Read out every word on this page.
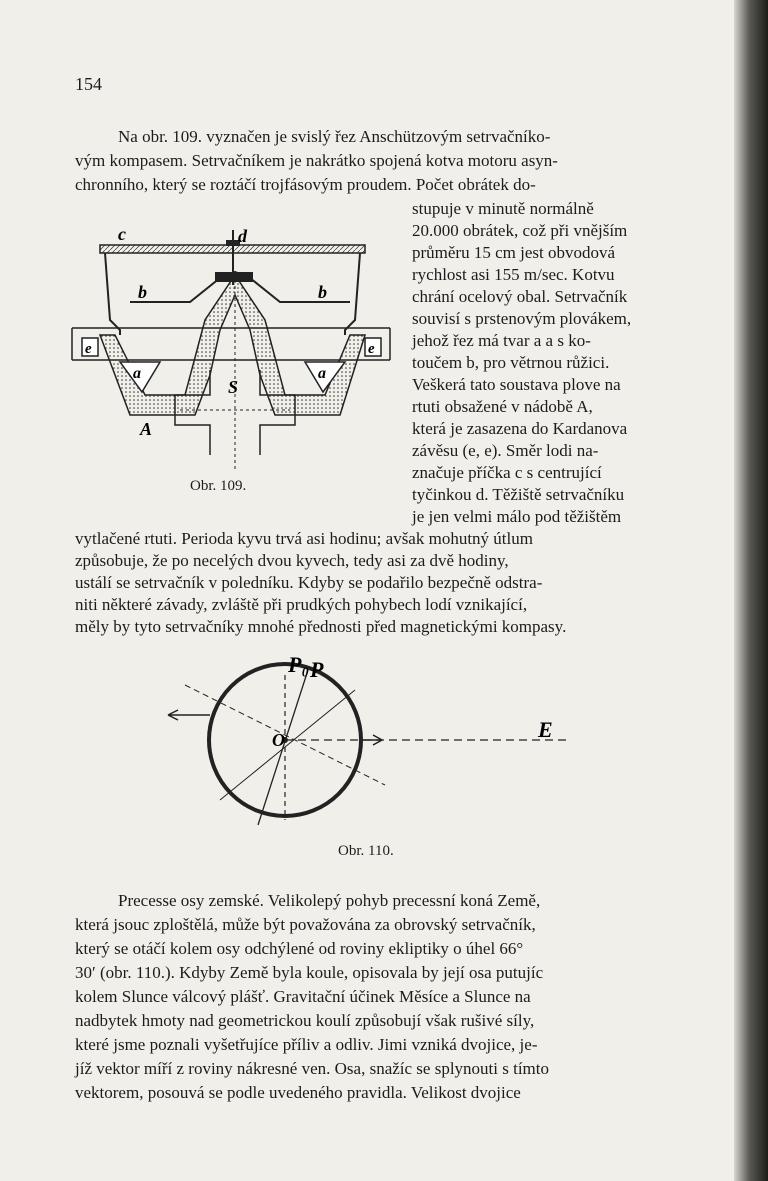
154
Na obr. 109. vyznačen je svislý řez Anschützovým setrvačníko-
vým kompasem. Setrvačníkem je nakrátko spojená kotva motoru asyn-
chronního, který se roztáčí trojfásovým proudem. Počet obrátek do-
stupuje v minutě normálně
20.000 obrátek, což při vnějším
průměru 15 cm jest obvodová
rychlost asi 155 m/sec. Kotvu
chrání ocelový obal. Setrvačník
souvisí s prstenovým plovákem,
jehož řez má tvar a a s ko-
toučem b, pro větrnou růžici.
Veškerá tato soustava plove na
rtuti obsažené v nádobě A,
která je zasazena do Kardanova
závěsu (e, e). Směr lodi na-
značuje příčka c s centrující
tyčinkou d. Těžiště setrvačníku
je jen velmi málo pod těžištěm
vytlačené rtuti. Perioda kyvu trvá asi hodinu; avšak mohutný útlum
způsobuje, že po necelých dvou kyvech, tedy asi za dvě hodiny,
ustálí se setrvačník v poledníku. Kdyby se podařilo bezpečně odstra-
niti některé závady, zvláště při prudkých pohybech lodí vznikající,
měly by tyto setrvačníky mnohé přednosti před magnetickými kompasy.
c	d
b	b
e	e
a	a
S
A
Obr. 109.
P₀ P
O	E
Obr. 110.
Precesse osy zemské. Velikolepý pohyb precessní koná Země,
která jsouc zploštělá, může být považována za obrovský setrvačník,
který se otáčí kolem osy odchýlené od roviny ekliptiky o úhel 66°
30′ (obr. 110.). Kdyby Země byla koule, opisovala by její osa putujíc
kolem Slunce válcový plášť. Gravitační účinek Měsíce a Slunce na
nadbytek hmoty nad geometrickou koulí způsobují však rušivé síly,
které jsme poznali vyšetřujíce příliv a odliv. Jimi vzniká dvojice, je-
jíž vektor míří z roviny nákresné ven. Osa, snažíc se splynouti s tímto
vektorem, posouvá se podle uvedeného pravidla. Velikost dvojice
